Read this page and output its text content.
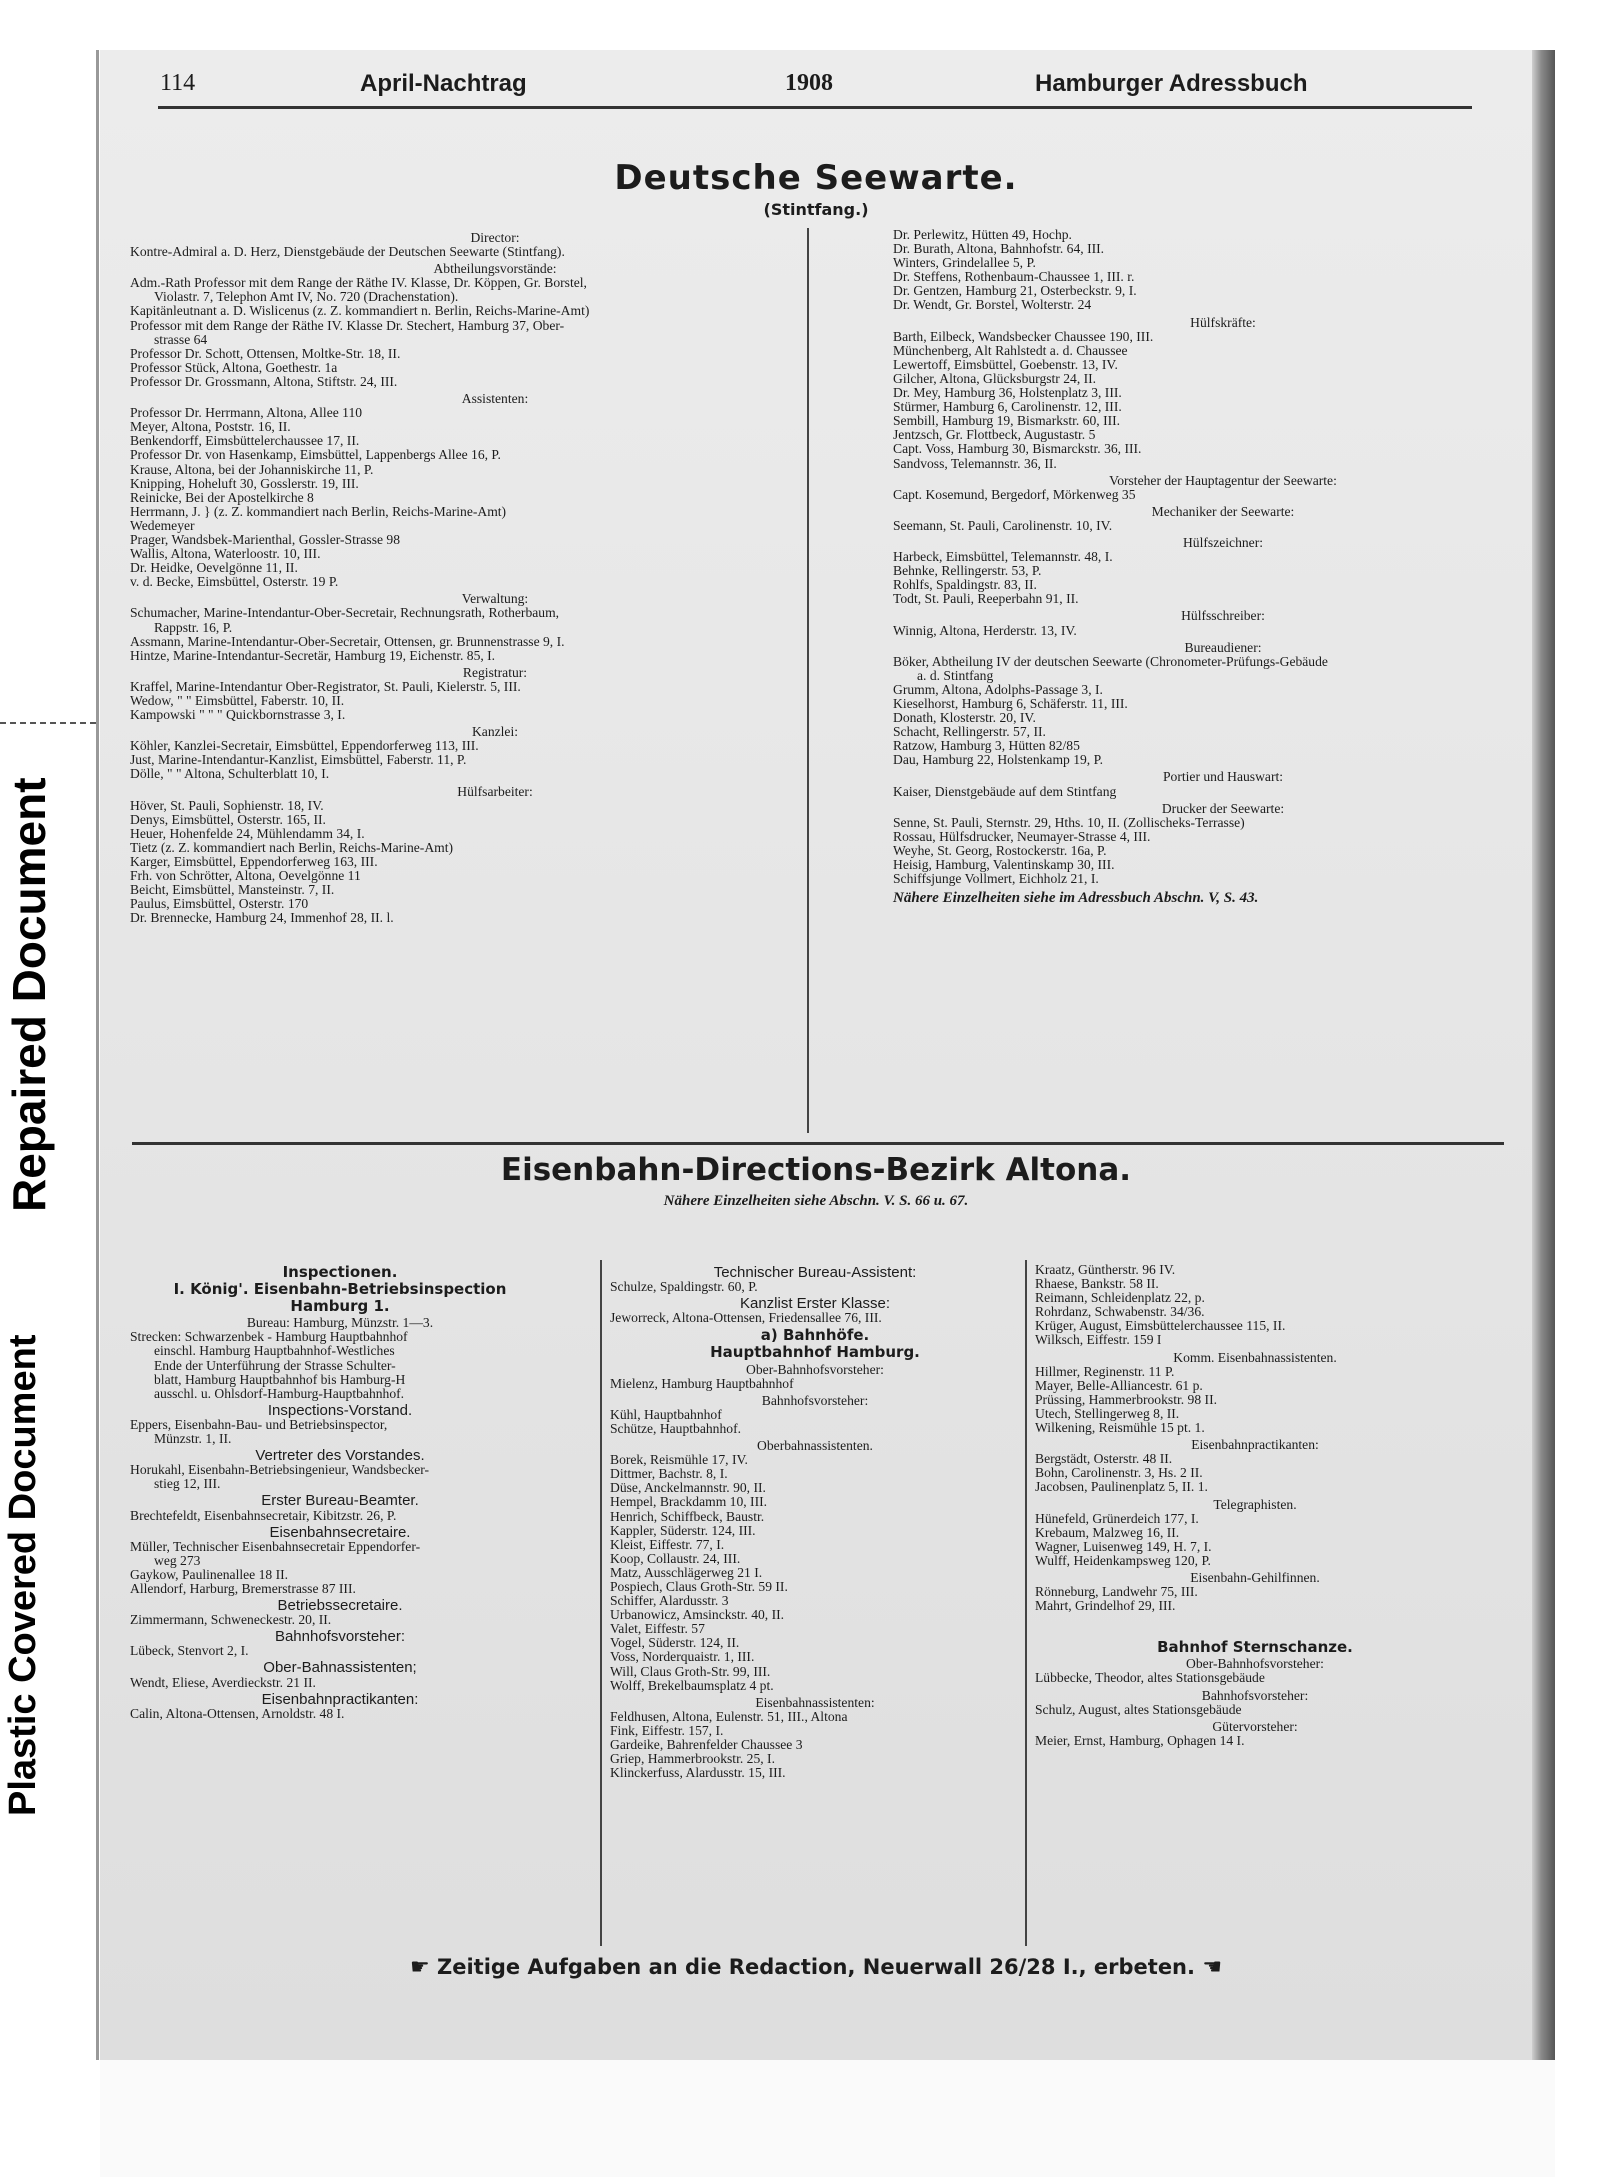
Repaired Document
Plastic Covered Document
114	April-Nachtrag	1908	Hamburger Adressbuch
Deutsche Seewarte.
(Stintfang.)
Director:
Kontre-Admiral a. D. Herz, Dienstgebäude der Deutschen Seewarte (Stintfang).
Abtheilungsvorstände:
Adm.-Rath Professor mit dem Range der Räthe IV. Klasse, Dr. Köppen, Gr. Borstel,
Violastr. 7, Telephon Amt IV, No. 720 (Drachenstation).
Kapitänleutnant a. D. Wislicenus (z. Z. kommandiert n. Berlin, Reichs-Marine-Amt)
Professor mit dem Range der Räthe IV. Klasse Dr. Stechert, Hamburg 37, Ober-
strasse 64
Professor Dr. Schott, Ottensen, Moltke-Str. 18, II.
Professor Stück, Altona, Goethestr. 1a
Professor Dr. Grossmann, Altona, Stiftstr. 24, III.
Assistenten:
Professor Dr. Herrmann, Altona, Allee 110
Meyer, Altona, Poststr. 16, II.
Benkendorff, Eimsbüttelerchaussee 17, II.
Professor Dr. von Hasenkamp, Eimsbüttel, Lappenbergs Allee 16, P.
Krause, Altona, bei der Johanniskirche 11, P.
Knipping, Hoheluft 30, Gosslerstr. 19, III.
Reinicke, Bei der Apostelkirche 8
Herrmann, J. } (z. Z. kommandiert nach Berlin, Reichs-Marine-Amt)
Wedemeyer
Prager, Wandsbek-Marienthal, Gossler-Strasse 98
Wallis, Altona, Waterloostr. 10, III.
Dr. Heidke, Oevelgönne 11, II.
v. d. Becke, Eimsbüttel, Osterstr. 19 P.
Verwaltung:
Schumacher, Marine-Intendantur-Ober-Secretair, Rechnungsrath, Rotherbaum,
Rappstr. 16, P.
Assmann, Marine-Intendantur-Ober-Secretair, Ottensen, gr. Brunnenstrasse 9, I.
Hintze, Marine-Intendantur-Secretär, Hamburg 19, Eichenstr. 85, I.
Registratur:
Kraffel, Marine-Intendantur Ober-Registrator, St. Pauli, Kielerstr. 5, III.
Wedow, " " Eimsbüttel, Faberstr. 10, II.
Kampowski " " " Quickbornstrasse 3, I.
Kanzlei:
Köhler, Kanzlei-Secretair, Eimsbüttel, Eppendorferweg 113, III.
Just, Marine-Intendantur-Kanzlist, Eimsbüttel, Faberstr. 11, P.
Dölle, " " Altona, Schulterblatt 10, I.
Hülfsarbeiter:
Höver, St. Pauli, Sophienstr. 18, IV.
Denys, Eimsbüttel, Osterstr. 165, II.
Heuer, Hohenfelde 24, Mühlendamm 34, I.
Tietz (z. Z. kommandiert nach Berlin, Reichs-Marine-Amt)
Karger, Eimsbüttel, Eppendorferweg 163, III.
Frh. von Schrötter, Altona, Oevelgönne 11
Beicht, Eimsbüttel, Mansteinstr. 7, II.
Paulus, Eimsbüttel, Osterstr. 170
Dr. Brennecke, Hamburg 24, Immenhof 28, II. l.
Dr. Perlewitz, Hütten 49, Hochp.
Dr. Burath, Altona, Bahnhofstr. 64, III.
Winters, Grindelallee 5, P.
Dr. Steffens, Rothenbaum-Chaussee 1, III. r.
Dr. Gentzen, Hamburg 21, Osterbeckstr. 9, I.
Dr. Wendt, Gr. Borstel, Wolterstr. 24
Hülfskräfte:
Barth, Eilbeck, Wandsbecker Chaussee 190, III.
Münchenberg, Alt Rahlstedt a. d. Chaussee
Lewertoff, Eimsbüttel, Goebenstr. 13, IV.
Gilcher, Altona, Glücksburgstr 24, II.
Dr. Mey, Hamburg 36, Holstenplatz 3, III.
Stürmer, Hamburg 6, Carolinenstr. 12, III.
Sembill, Hamburg 19, Bismarkstr. 60, III.
Jentzsch, Gr. Flottbeck, Augustastr. 5
Capt. Voss, Hamburg 30, Bismarckstr. 36, III.
Sandvoss, Telemannstr. 36, II.
Vorsteher der Hauptagentur der Seewarte:
Capt. Kosemund, Bergedorf, Mörkenweg 35
Mechaniker der Seewarte:
Seemann, St. Pauli, Carolinenstr. 10, IV.
Hülfszeichner:
Harbeck, Eimsbüttel, Telemannstr. 48, I.
Behnke, Rellingerstr. 53, P.
Rohlfs, Spaldingstr. 83, II.
Todt, St. Pauli, Reeperbahn 91, II.
Hülfsschreiber:
Winnig, Altona, Herderstr. 13, IV.
Bureaudiener:
Böker, Abtheilung IV der deutschen Seewarte (Chronometer-Prüfungs-Gebäude
a. d. Stintfang
Grumm, Altona, Adolphs-Passage 3, I.
Kieselhorst, Hamburg 6, Schäferstr. 11, III.
Donath, Klosterstr. 20, IV.
Schacht, Rellingerstr. 57, II.
Ratzow, Hamburg 3, Hütten 82/85
Dau, Hamburg 22, Holstenkamp 19, P.
Portier und Hauswart:
Kaiser, Dienstgebäude auf dem Stintfang
Drucker der Seewarte:
Senne, St. Pauli, Sternstr. 29, Hths. 10, II. (Zollischeks-Terrasse)
Rossau, Hülfsdrucker, Neumayer-Strasse 4, III.
Weyhe, St. Georg, Rostockerstr. 16a, P.
Heisig, Hamburg, Valentinskamp 30, III.
Schiffsjunge Vollmert, Eichholz 21, I.
Nähere Einzelheiten siehe im Adressbuch Abschn. V, S. 43.
Eisenbahn-Directions-Bezirk Altona.
Nähere Einzelheiten siehe Abschn. V. S. 66 u. 67.
Inspectionen.
I. König'. Eisenbahn-Betriebsinspection
Hamburg 1.
Bureau: Hamburg, Münzstr. 1—3.
Strecken: Schwarzenbek - Hamburg Hauptbahnhof
einschl. Hamburg Hauptbahnhof-Westliches
Ende der Unterführung der Strasse Schulter-
blatt, Hamburg Hauptbahnhof bis Hamburg-H
ausschl. u. Ohlsdorf-Hamburg-Hauptbahnhof.
Inspections-Vorstand.
Eppers, Eisenbahn-Bau- und Betriebsinspector,
Münzstr. 1, II.
Vertreter des Vorstandes.
Horukahl, Eisenbahn-Betriebsingenieur, Wandsbecker-
stieg 12, III.
Erster Bureau-Beamter.
Brechtefeldt, Eisenbahnsecretair, Kibitzstr. 26, P.
Eisenbahnsecretaire.
Müller, Technischer Eisenbahnsecretair Eppendorfer-
weg 273
Gaykow, Paulinenallee 18 II.
Allendorf, Harburg, Bremerstrasse 87 III.
Betriebssecretaire.
Zimmermann, Schweneckestr. 20, II.
Bahnhofsvorsteher:
Lübeck, Stenvort 2, I.
Ober-Bahnassistenten;
Wendt, Eliese, Averdieckstr. 21 II.
Eisenbahnpractikanten:
Calin, Altona-Ottensen, Arnoldstr. 48 I.
Technischer Bureau-Assistent:
Schulze, Spaldingstr. 60, P.
Kanzlist Erster Klasse:
Jeworreck, Altona-Ottensen, Friedensallee 76, III.
a) Bahnhöfe.
Hauptbahnhof Hamburg.
Ober-Bahnhofsvorsteher:
Mielenz, Hamburg Hauptbahnhof
Bahnhofsvorsteher:
Kühl, Hauptbahnhof
Schütze, Hauptbahnhof.
Oberbahnassistenten.
Borek, Reismühle 17, IV.
Dittmer, Bachstr. 8, I.
Düse, Anckelmannstr. 90, II.
Hempel, Brackdamm 10, III.
Henrich, Schiffbeck, Baustr.
Kappler, Süderstr. 124, III.
Kleist, Eiffestr. 77, I.
Koop, Collaustr. 24, III.
Matz, Ausschlägerweg 21 I.
Pospiech, Claus Groth-Str. 59 II.
Schiffer, Alardusstr. 3
Urbanowicz, Amsinckstr. 40, II.
Valet, Eiffestr. 57
Vogel, Süderstr. 124, II.
Voss, Norderquaistr. 1, III.
Will, Claus Groth-Str. 99, III.
Wolff, Brekelbaumsplatz 4 pt.
Eisenbahnassistenten:
Feldhusen, Altona, Eulenstr. 51, III., Altona
Fink, Eiffestr. 157, I.
Gardeike, Bahrenfelder Chaussee 3
Griep, Hammerbrookstr. 25, I.
Klinckerfuss, Alardusstr. 15, III.
Kraatz, Güntherstr. 96 IV.
Rhaese, Bankstr. 58 II.
Reimann, Schleidenplatz 22, p.
Rohrdanz, Schwabenstr. 34/36.
Krüger, August, Eimsbüttelerchaussee 115, II.
Wilksch, Eiffestr. 159 I
Komm. Eisenbahnassistenten.
Hillmer, Reginenstr. 11 P.
Mayer, Belle-Alliancestr. 61 p.
Prüssing, Hammerbrookstr. 98 II.
Utech, Stellingerweg 8, II.
Wilkening, Reismühle 15 pt. 1.
Eisenbahnpractikanten:
Bergstädt, Osterstr. 48 II.
Bohn, Carolinenstr. 3, Hs. 2 II.
Jacobsen, Paulinenplatz 5, II. 1.
Telegraphisten.
Hünefeld, Grünerdeich 177, I.
Krebaum, Malzweg 16, II.
Wagner, Luisenweg 149, H. 7, I.
Wulff, Heidenkampsweg 120, P.
Eisenbahn-Gehilfinnen.
Rönneburg, Landwehr 75, III.
Mahrt, Grindelhof 29, III.
Bahnhof Sternschanze.
Ober-Bahnhofsvorsteher:
Lübbecke, Theodor, altes Stationsgebäude
Bahnhofsvorsteher:
Schulz, August, altes Stationsgebäude
Gütervorsteher:
Meier, Ernst, Hamburg, Ophagen 14 I.
☛ Zeitige Aufgaben an die Redaction, Neuerwall 26/28 I., erbeten. ☚
